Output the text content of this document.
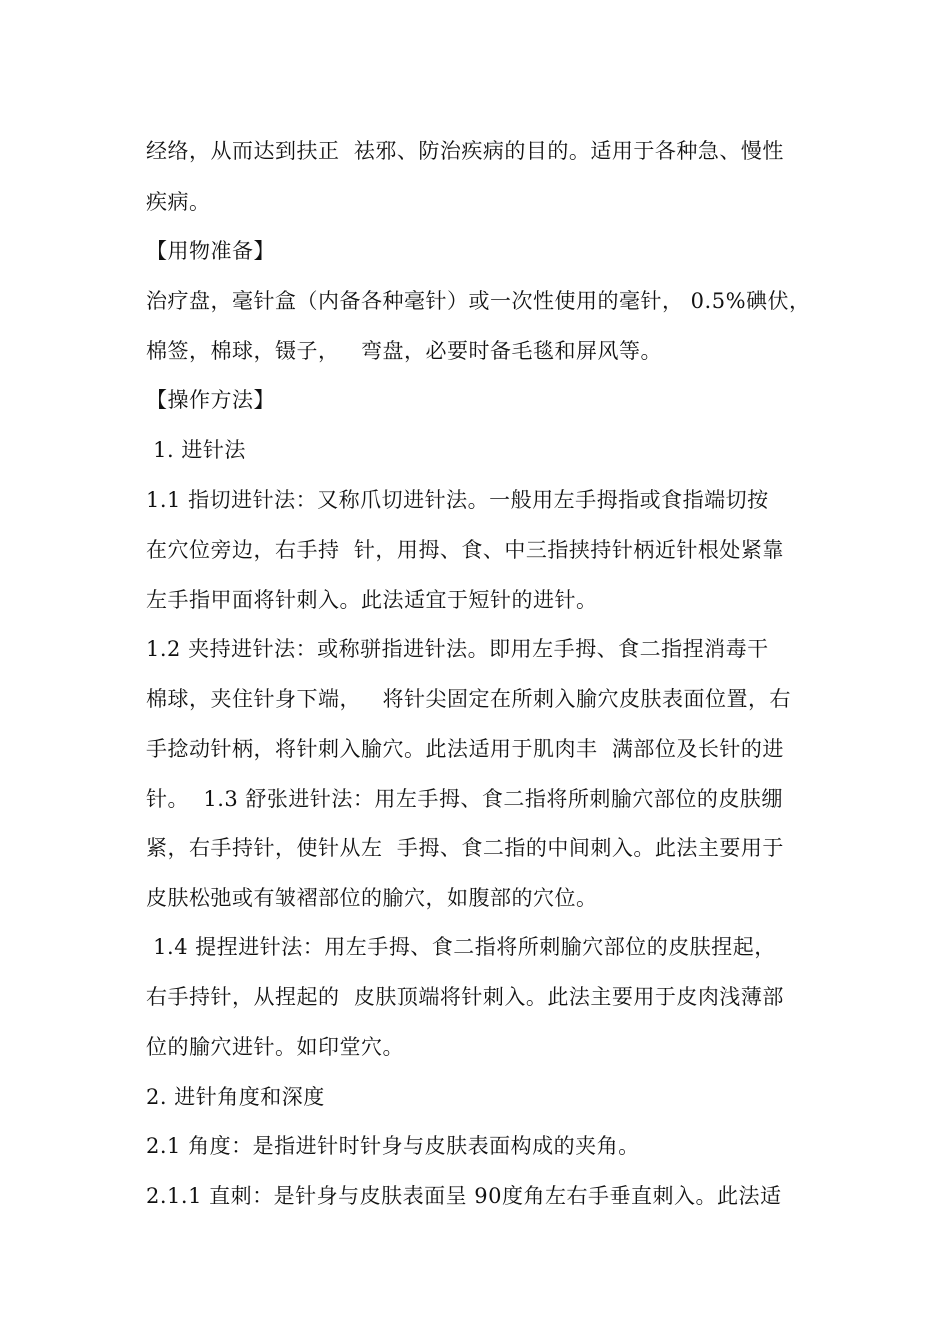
经络，从而达到扶正  祛邪、防治疾病的目的。适用于各种急、慢性
疾病。
【用物准备】
治疗盘，毫针盒（内备各种毫针）或一次性使用的毫针， 0.5%碘伏，
棉签，棉球，镊子，   弯盘，必要时备毛毯和屏风等。
【操作方法】
1. 进针法
1.1 指切进针法：又称爪切进针法。一般用左手拇指或食指端切按
在穴位旁边，右手持  针，用拇、食、中三指挟持针柄近针根处紧靠
左手指甲面将针刺入。此法适宜于短针的进针。
1.2 夹持进针法：或称骈指进针法。即用左手拇、食二指捏消毒干
棉球，夹住针身下端，   将针尖固定在所刺入腧穴皮肤表面位置，右
手捻动针柄，将针刺入腧穴。此法适用于肌肉丰  满部位及长针的进
针。  1.3 舒张进针法：用左手拇、食二指将所刺腧穴部位的皮肤绷
紧，右手持针，使针从左  手拇、食二指的中间刺入。此法主要用于
皮肤松弛或有皱褶部位的腧穴，如腹部的穴位。
1.4 提捏进针法：用左手拇、食二指将所刺腧穴部位的皮肤捏起，
右手持针，从捏起的  皮肤顶端将针刺入。此法主要用于皮肉浅薄部
位的腧穴进针。如印堂穴。
2. 进针角度和深度
2.1 角度：是指进针时针身与皮肤表面构成的夹角。
2.1.1 直刺：是针身与皮肤表面呈 90度角左右手垂直刺入。此法适
